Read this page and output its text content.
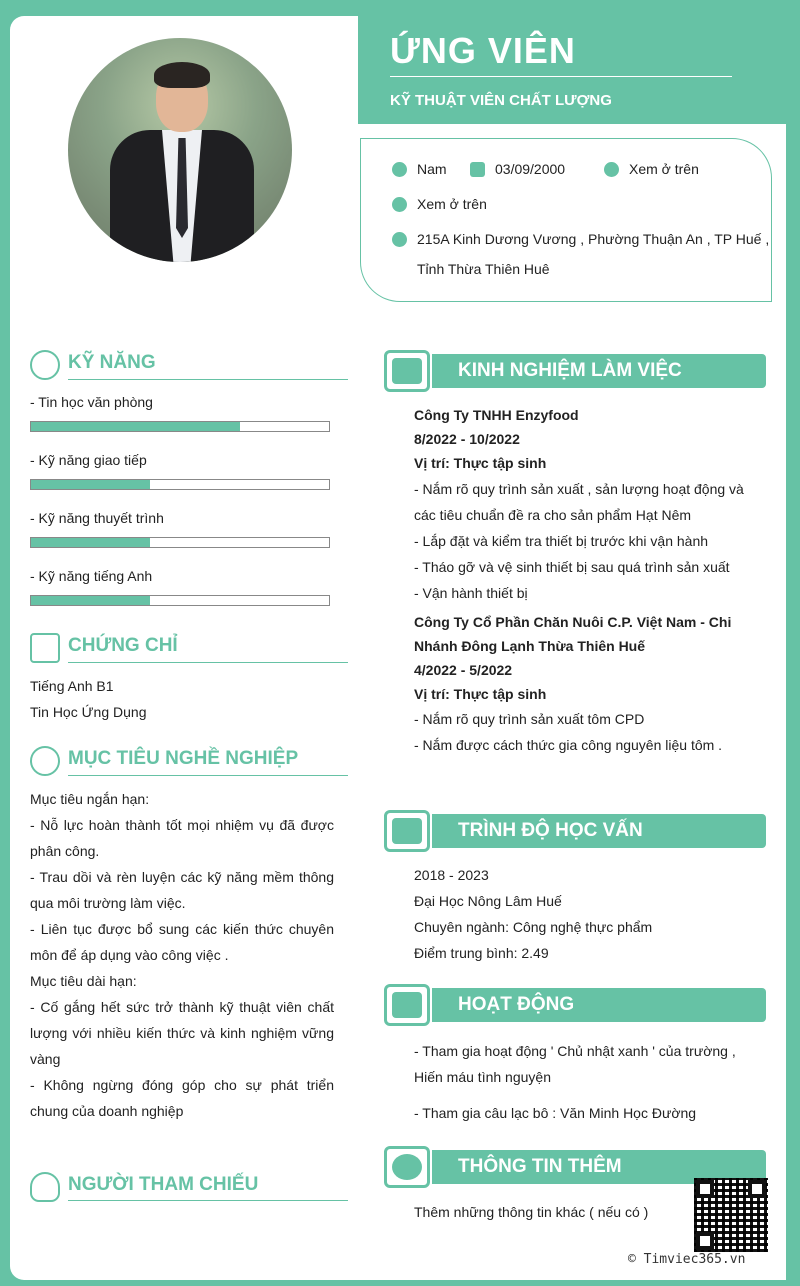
ỨNG VIÊN
KỸ THUẬT VIÊN CHẤT LƯỢNG
Nam	03/09/2000	Xem ở trên
Xem ở trên
215A Kinh Dương Vương , Phường Thuận An , TP Huế ,
Tỉnh Thừa Thiên Huê
KỸ NĂNG
- Tin học văn phòng
- Kỹ năng giao tiếp
- Kỹ năng thuyết trình
- Kỹ năng tiếng Anh
CHỨNG CHỈ
Tiếng Anh B1
Tin Học Ứng Dụng
MỤC TIÊU NGHỀ NGHIỆP
Mục tiêu ngắn hạn:
- Nỗ lực hoàn thành tốt mọi nhiệm vụ đã được phân công.
- Trau dồi và rèn luyện các kỹ năng mềm thông qua môi trường làm việc.
- Liên tục được bổ sung các kiến thức chuyên môn để áp dụng vào công việc .
Mục tiêu dài hạn:
- Cố gắng hết sức trở thành kỹ thuật viên chất lượng với nhiều kiến thức và kinh nghiệm vững vàng
- Không ngừng đóng góp cho sự phát triển chung của doanh nghiệp
NGƯỜI THAM CHIẾU
KINH NGHIỆM LÀM VIỆC
Công Ty TNHH Enzyfood
8/2022 - 10/2022
Vị trí: Thực tập sinh
- Nắm rõ quy trình sản xuất , sản lượng hoạt động và các tiêu chuẩn đề ra cho sản phẩm Hạt Nêm
- Lắp đặt và kiểm tra thiết bị trước khi vận hành
- Tháo gỡ và vệ sinh thiết bị sau quá trình sản xuất
- Vận hành thiết bị
Công Ty Cổ Phần Chăn Nuôi C.P. Việt Nam - Chi Nhánh Đông Lạnh Thừa Thiên Huế
4/2022 - 5/2022
Vị trí: Thực tập sinh
- Nắm rõ quy trình sản xuất tôm CPD
- Nắm được cách thức gia công nguyên liệu tôm .
TRÌNH ĐỘ HỌC VẤN
2018 - 2023
Đại Học Nông Lâm Huế
Chuyên ngành: Công nghệ thực phẩm
Điểm trung bình: 2.49
HOẠT ĐỘNG
- Tham gia hoạt động ' Chủ nhật xanh ' của trường , Hiến máu tình nguyện
- Tham gia câu lạc bô : Văn Minh Học Đường
THÔNG TIN THÊM
Thêm những thông tin khác ( nếu có )
© Timviec365.vn
